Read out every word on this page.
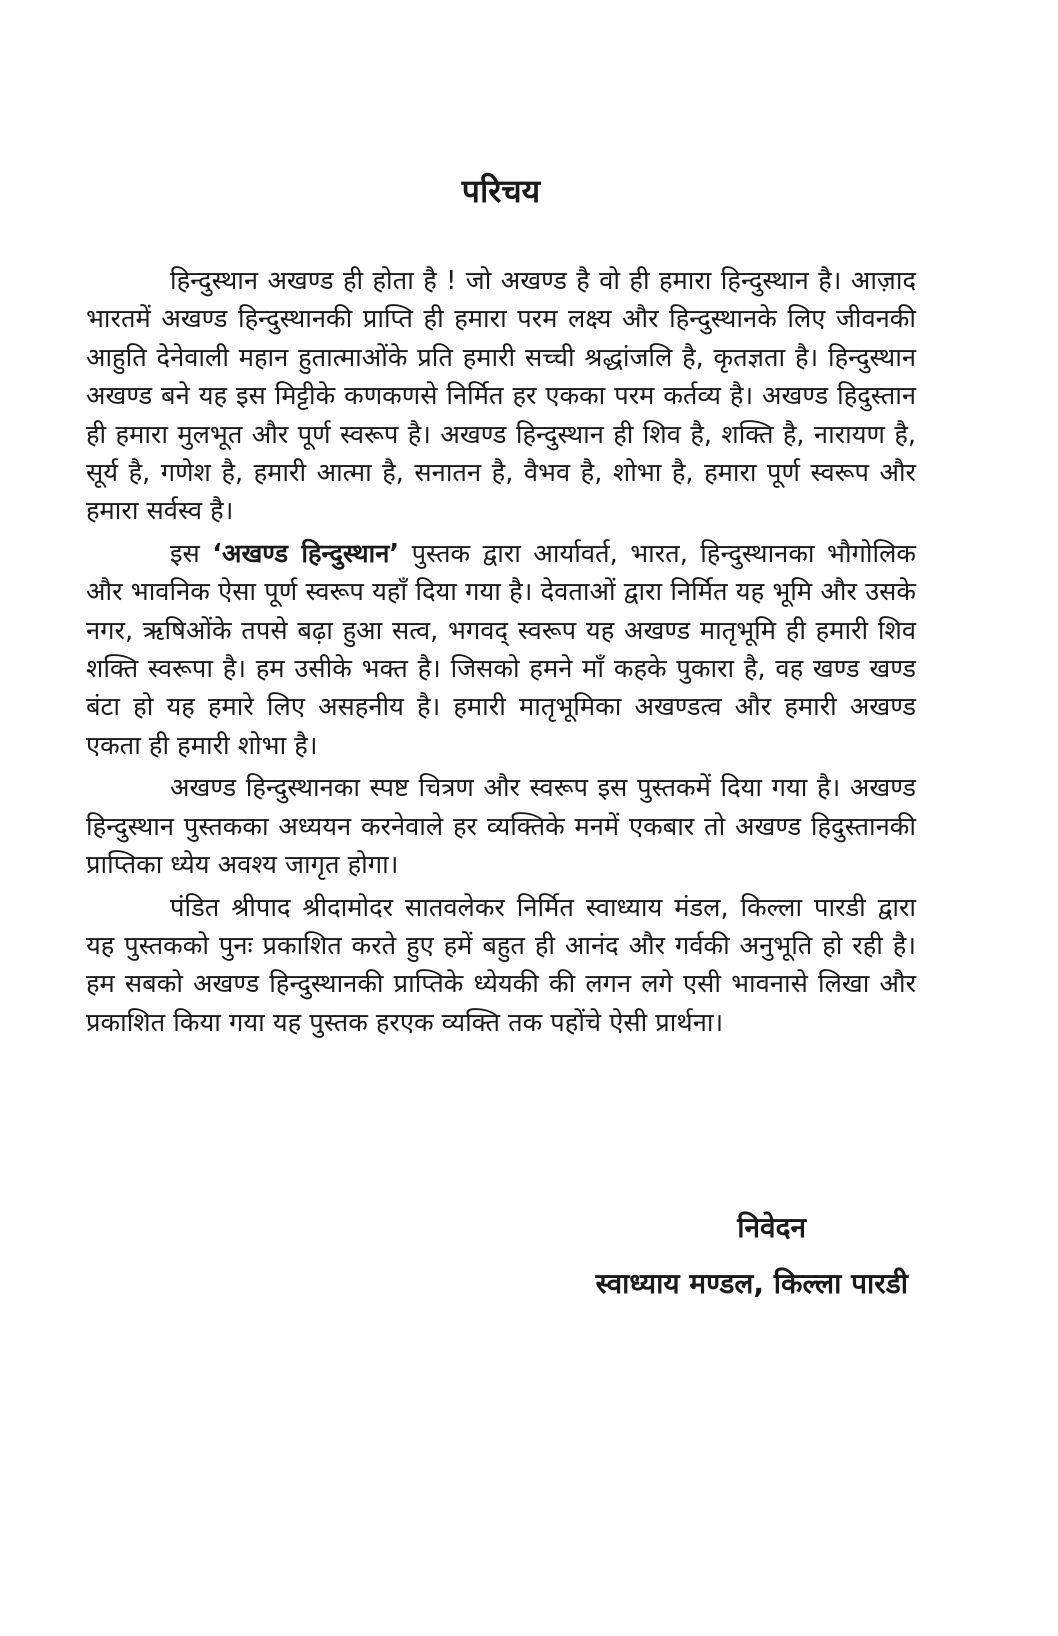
परिचय

हिन्दुस्थान अखण्ड ही होता है ! जो अखण्ड है वो ही हमारा हिन्दुस्थान है। आज़ाद भारतमें अखण्ड हिन्दुस्थानकी प्राप्ति ही हमारा परम लक्ष्य और हिन्दुस्थानके लिए जीवनकी आहुति देनेवाली महान हुतात्माओंके प्रति हमारी सच्ची श्रद्धांजलि है, कृतज्ञता है। हिन्दुस्थान अखण्ड बने यह इस मिट्टीके कणकणसे निर्मित हर एकका परम कर्तव्य है। अखण्ड हिदुस्तान ही हमारा मुलभूत और पूर्ण स्वरूप है। अखण्ड हिन्दुस्थान ही शिव है, शक्ति है, नारायण है, सूर्य है, गणेश है, हमारी आत्मा है, सनातन है, वैभव है, शोभा है, हमारा पूर्ण स्वरूप और हमारा सर्वस्व है।

इस ‘अखण्ड हिन्दुस्थान’ पुस्तक द्वारा आर्यावर्त, भारत, हिन्दुस्थानका भौगोलिक और भावनिक ऐसा पूर्ण स्वरूप यहाँ दिया गया है। देवताओं द्वारा निर्मित यह भूमि और उसके नगर, ऋषिओंके तपसे बढ़ा हुआ सत्व, भगवद् स्वरूप यह अखण्ड मातृभूमि ही हमारी शिव शक्ति स्वरूपा है। हम उसीके भक्त है। जिसको हमने माँ कहके पुकारा है, वह खण्ड खण्ड बंटा हो यह हमारे लिए असहनीय है। हमारी मातृभूमिका अखण्डत्व और हमारी अखण्ड एकता ही हमारी शोभा है।

अखण्ड हिन्दुस्थानका स्पष्ट चित्रण और स्वरूप इस पुस्तकमें दिया गया है। अखण्ड हिन्दुस्थान पुस्तकका अध्ययन करनेवाले हर व्यक्तिके मनमें एकबार तो अखण्ड हिदुस्तानकी प्राप्तिका ध्येय अवश्य जागृत होगा।

पंडित श्रीपाद श्रीदामोदर सातवलेकर निर्मित स्वाध्याय मंडल, किल्ला पारडी द्वारा यह पुस्तकको पुनः प्रकाशित करते हुए हमें बहुत ही आनंद और गर्वकी अनुभूति हो रही है। हम सबको अखण्ड हिन्दुस्थानकी प्राप्तिके ध्येयकी की लगन लगे एसी भावनासे लिखा और प्रकाशित किया गया यह पुस्तक हरएक व्यक्ति तक पहोंचे ऐसी प्रार्थना।

निवेदन

स्वाध्याय मण्डल, किल्ला पारडी
